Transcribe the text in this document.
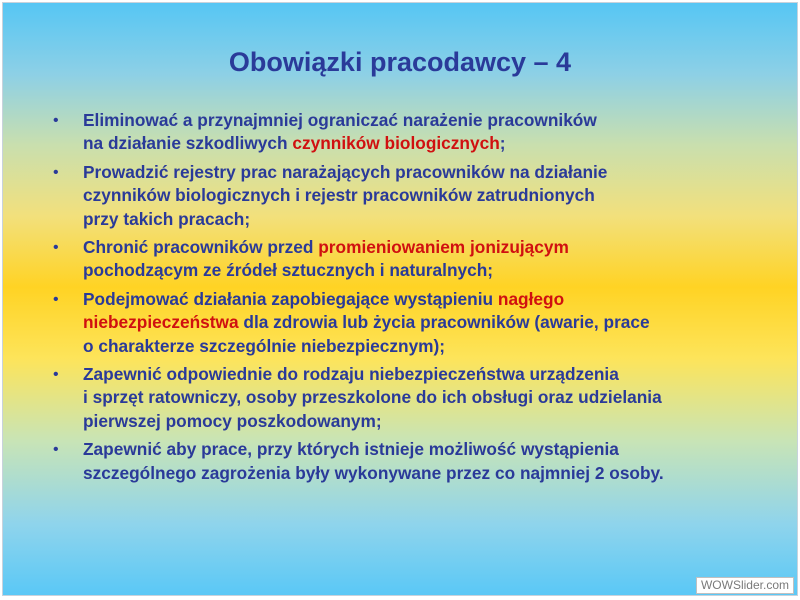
Obowiązki pracodawcy – 4
• Eliminować a przynajmniej ograniczać narażenie pracowników
na działanie szkodliwych czynników biologicznych;
• Prowadzić rejestry prac narażających pracowników na działanie
czynników biologicznych i rejestr pracowników zatrudnionych
przy takich pracach;
• Chronić pracowników przed promieniowaniem jonizującym
pochodzącym ze źródeł sztucznych i naturalnych;
• Podejmować działania zapobiegające wystąpieniu nagłego
niebezpieczeństwa dla zdrowia lub życia pracowników (awarie, prace
o charakterze szczególnie niebezpiecznym);
• Zapewnić odpowiednie do rodzaju niebezpieczeństwa urządzenia
i sprzęt ratowniczy, osoby przeszkolone do ich obsługi oraz udzielania
pierwszej pomocy poszkodowanym;
• Zapewnić aby prace, przy których istnieje możliwość wystąpienia
szczególnego zagrożenia były wykonywane przez co najmniej 2 osoby.
WOWSlider.com
